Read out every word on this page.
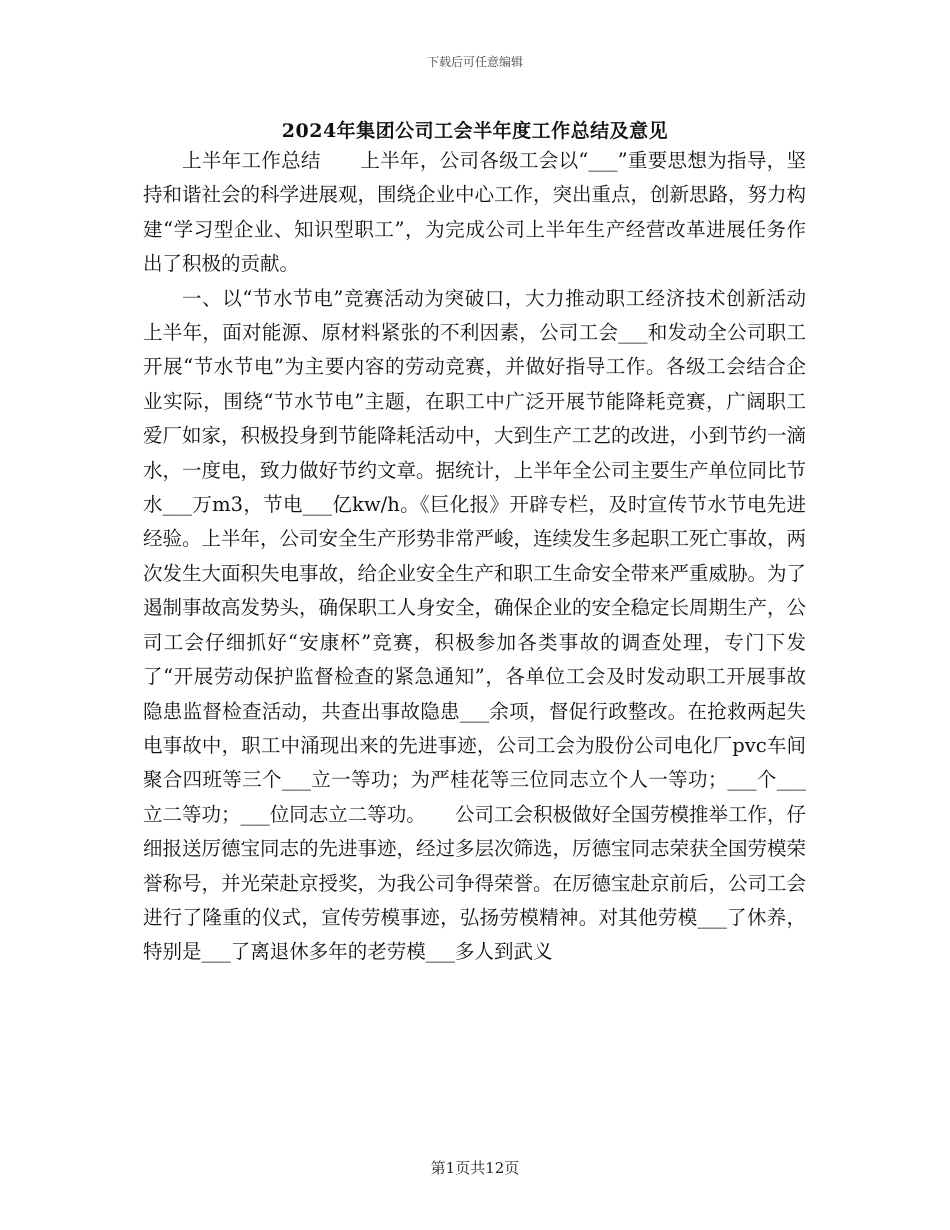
下载后可任意编辑
2024年集团公司工会半年度工作总结及意见

上半年工作总结　　上半年，公司各级工会以“___”重要思想为指导，坚持和谐社会的科学进展观，围绕企业中心工作，突出重点，创新思路，努力构建“学习型企业、知识型职工”，为完成公司上半年生产经营改革进展任务作出了积极的贡献。

一、以“节水节电”竞赛活动为突破口，大力推动职工经济技术创新活动　　上半年，面对能源、原材料紧张的不利因素，公司工会___和发动全公司职工开展“节水节电”为主要内容的劳动竞赛，并做好指导工作。各级工会结合企业实际，围绕“节水节电”主题，在职工中广泛开展节能降耗竞赛，广阔职工爱厂如家，积极投身到节能降耗活动中，大到生产工艺的改进，小到节约一滴水，一度电，致力做好节约文章。据统计，上半年全公司主要生产单位同比节水___万m3，节电___亿kw/h。《巨化报》开辟专栏，及时宣传节水节电先进经验。上半年，公司安全生产形势非常严峻，连续发生多起职工死亡事故，两次发生大面积失电事故，给企业安全生产和职工生命安全带来严重威胁。为了遏制事故高发势头，确保职工人身安全，确保企业的安全稳定长周期生产，公司工会仔细抓好“安康杯”竞赛，积极参加各类事故的调查处理，专门下发了“开展劳动保护监督检查的紧急通知”，各单位工会及时发动职工开展事故隐患监督检查活动，共查出事故隐患___余项，督促行政整改。在抢救两起失电事故中，职工中涌现出来的先进事迹，公司工会为股份公司电化厂pvc车间聚合四班等三个___立一等功；为严桂花等三位同志立个人一等功；___个___立二等功；___位同志立二等功。　　公司工会积极做好全国劳模推举工作，仔细报送厉德宝同志的先进事迹，经过多层次筛选，厉德宝同志荣获全国劳模荣誉称号，并光荣赴京授奖，为我公司争得荣誉。在厉德宝赴京前后，公司工会进行了隆重的仪式，宣传劳模事迹，弘扬劳模精神。对其他劳模___了休养，特别是___了离退休多年的老劳模___多人到武义

第1页共12页
